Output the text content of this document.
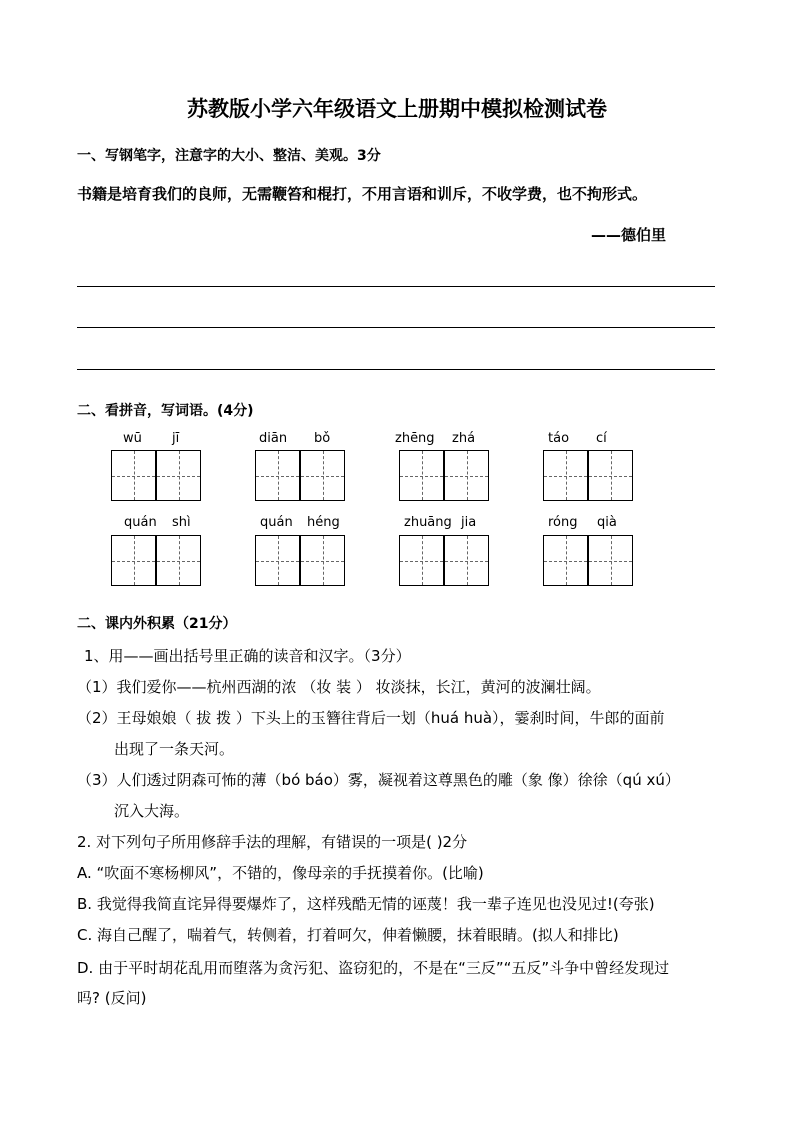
苏教版小学六年级语文上册期中模拟检测试卷
一、写钢笔字，注意字的大小、整洁、美观。3分
书籍是培育我们的良师，无需鞭笞和棍打，不用言语和训斥，不收学费，也不拘形式。
——德伯里
二、看拼音，写词语。(4分)
wū jī	diān bǒ	zhēng zhá	táo cí
quán shì	quán héng	zhuāng jia	róng qià
二、课内外积累（21分）
1、用——画出括号里正确的读音和汉字。（3分）
（1）我们爱你——杭州西湖的浓 （妆 装 ） 妆淡抹，长江，黄河的波澜壮阔。
（2）王母娘娘（ 拔 拨 ）下头上的玉簪往背后一划（huá huà），霎刹时间，牛郎的面前
出现了一条天河。
（3）人们透过阴森可怖的薄（bó báo）雾，凝视着这尊黑色的雕（象 像）徐徐（qú xú）
沉入大海。
2. 对下列句子所用修辞手法的理解，有错误的一项是( )2分
A. “吹面不寒杨柳风”，不错的，像母亲的手抚摸着你。(比喻)
B. 我觉得我简直诧异得要爆炸了，这样残酷无情的诬蔑！我一辈子连见也没见过!(夸张)
C. 海自己醒了，喘着气，转侧着，打着呵欠，伸着懒腰，抹着眼睛。(拟人和排比)
D. 由于平时胡花乱用而堕落为贪污犯、盗窃犯的，不是在“三反”“五反”斗争中曾经发现过
吗? (反问)
